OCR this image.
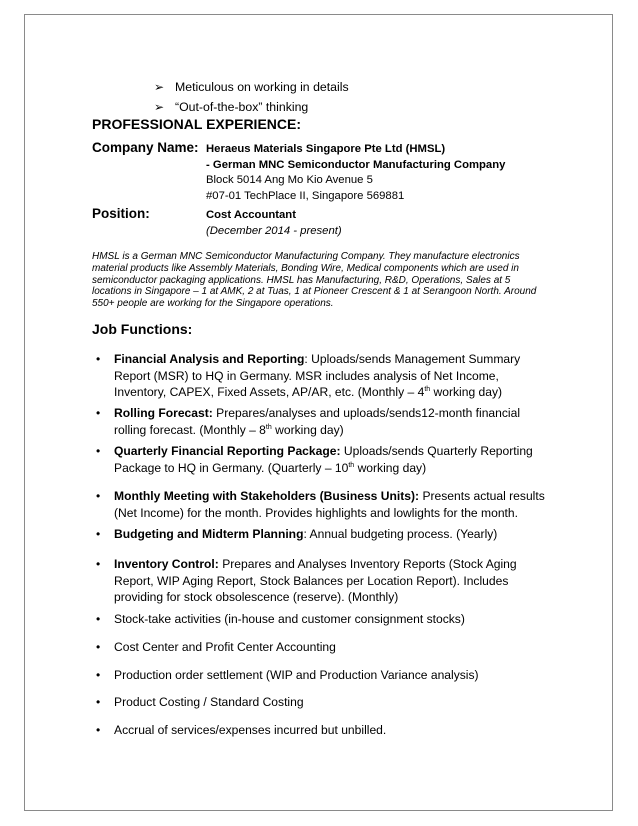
➢ Meticulous on working in details
➢ “Out-of-the-box” thinking
PROFESSIONAL EXPERIENCE:
Company Name: Heraeus Materials Singapore Pte Ltd (HMSL)
- German MNC Semiconductor Manufacturing Company
Block 5014 Ang Mo Kio Avenue 5
#07-01 TechPlace II, Singapore 569881
Position:	Cost Accountant
(December 2014 - present)
HMSL is a German MNC Semiconductor Manufacturing Company. They manufacture electronics material products like Assembly Materials, Bonding Wire, Medical components which are used in semiconductor packaging applications. HMSL has Manufacturing, R&D, Operations, Sales at 5 locations in Singapore – 1 at AMK, 2 at Tuas, 1 at Pioneer Crescent & 1 at Serangoon North. Around 550+ people are working for the Singapore operations.
Job Functions:
• Financial Analysis and Reporting: Uploads/sends Management Summary Report (MSR) to HQ in Germany. MSR includes analysis of Net Income, Inventory, CAPEX, Fixed Assets, AP/AR, etc. (Monthly – 4th working day)
• Rolling Forecast: Prepares/analyses and uploads/sends12-month financial rolling forecast. (Monthly – 8th working day)
• Quarterly Financial Reporting Package: Uploads/sends Quarterly Reporting Package to HQ in Germany. (Quarterly – 10th working day)
• Monthly Meeting with Stakeholders (Business Units): Presents actual results (Net Income) for the month. Provides highlights and lowlights for the month.
• Budgeting and Midterm Planning: Annual budgeting process. (Yearly)
• Inventory Control: Prepares and Analyses Inventory Reports (Stock Aging Report, WIP Aging Report, Stock Balances per Location Report). Includes providing for stock obsolescence (reserve). (Monthly)
• Stock-take activities (in-house and customer consignment stocks)
• Cost Center and Profit Center Accounting
• Production order settlement (WIP and Production Variance analysis)
• Product Costing / Standard Costing
• Accrual of services/expenses incurred but unbilled.
